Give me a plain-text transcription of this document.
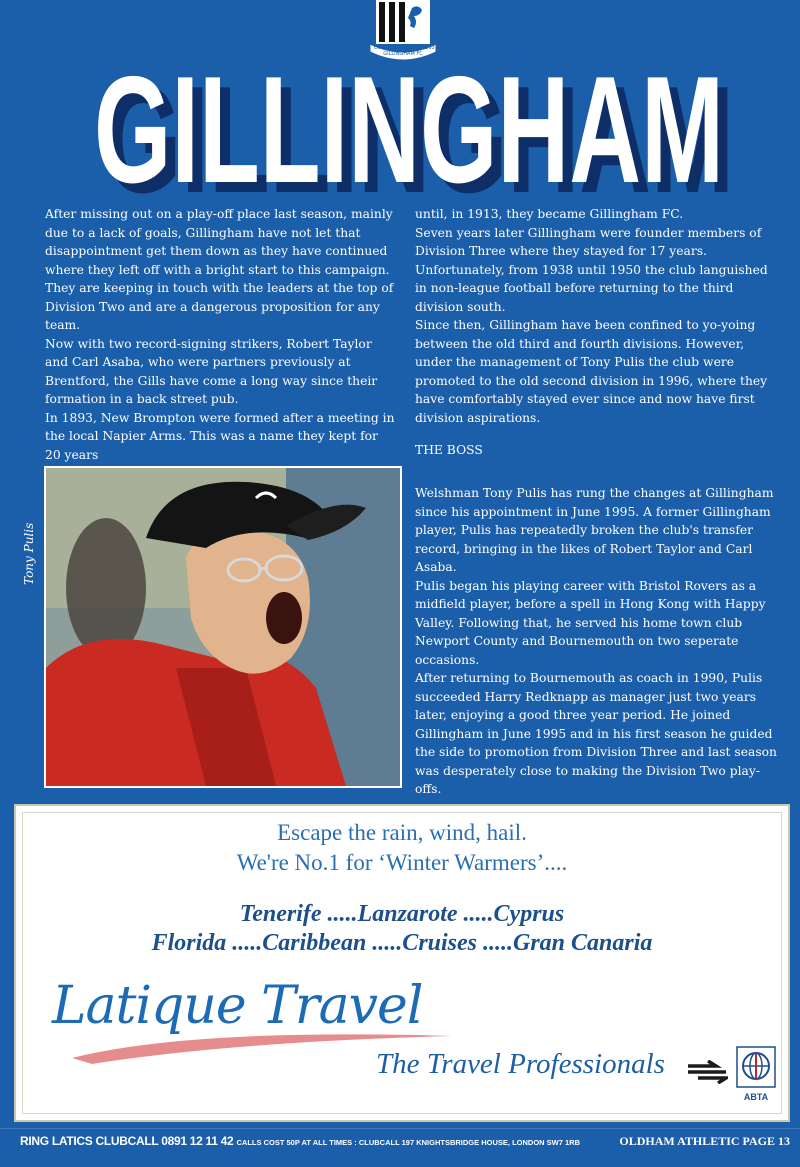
GILLINGHAM FC
EST	1893
GILLINGHAM
GILLINGHAM

After missing out on a play-off place last season, mainly due to a lack of goals, Gillingham have not let that disappointment get them down as they have continued where they left off with a bright start to this campaign. They are keeping in touch with the leaders at the top of Division Two and are a dangerous proposition for any team.

Now with two record-signing strikers, Robert Taylor and Carl Asaba, who were partners previously at Brentford, the Gills have come a long way since their formation in a back street pub.

In 1893, New Brompton were formed after a meeting in the local Napier Arms. This was a name they kept for 20 years

until, in 1913, they became Gillingham FC.

Seven years later Gillingham were founder members of Division Three where they stayed for 17 years.

Unfortunately, from 1938 until 1950 the club languished in non-league football before returning to the third division south.

Since then, Gillingham have been confined to yo-yoing between the old third and fourth divisions. However, under the management of Tony Pulis the club were promoted to the old second division in 1996, where they have comfortably stayed ever since and now have first division aspirations.

THE BOSS

Welshman Tony Pulis has rung the changes at Gillingham since his appointment in June 1995. A former Gillingham player, Pulis has repeatedly broken the club's transfer record, bringing in the likes of Robert Taylor and Carl Asaba.

Pulis began his playing career with Bristol Rovers as a midfield player, before a spell in Hong Kong with Happy Valley. Following that, he served his home town club Newport County and Bournemouth on two seperate occasions.

After returning to Bournemouth as coach in 1990, Pulis succeeded Harry Redknapp as manager just two years later, enjoying a good three year period. He joined Gillingham in June 1995 and in his first season he guided the side to promotion from Division Three and last season was desperately close to making the Division Two play-offs.

Tony Pulis
Escape the rain, wind, hail.
We're No.1 for ‘Winter Warmers’....
Tenerife .....Lanzarote .....Cyprus
Florida .....Caribbean .....Cruises .....Gran Canaria
Latique Travel
The Travel Professionals
ABTA
RING LATICS CLUBCALL 0891 12 11 42 CALLS COST 50P AT ALL TIMES : CLUBCALL 197 KNIGHTSBRIDGE HOUSE, LONDON SW7 1RB	OLDHAM ATHLETIC PAGE 13
